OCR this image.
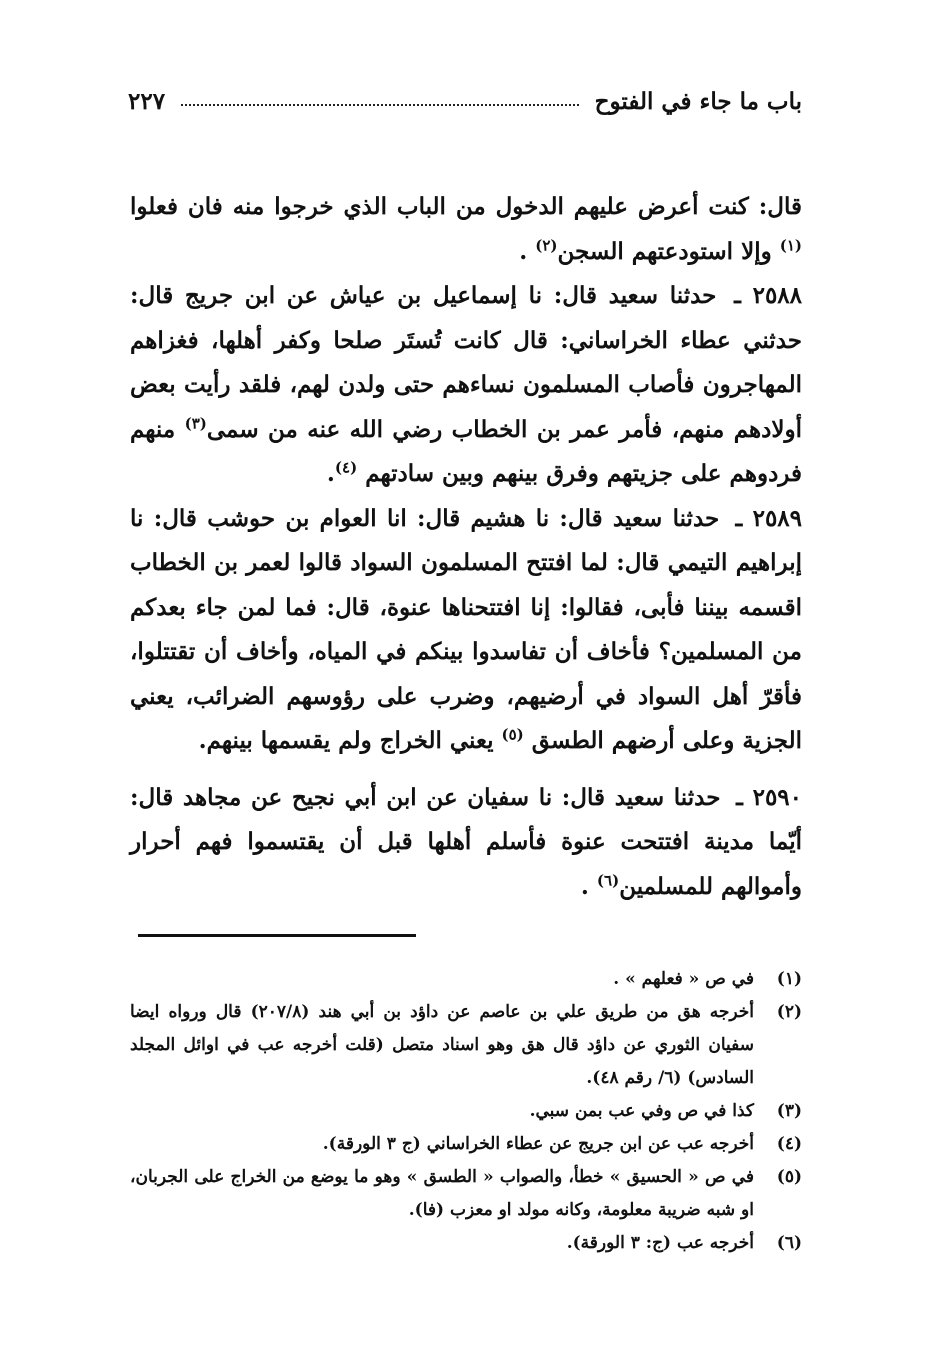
باب ما جاء في الفتوح
٢٢٧

قال: كنت أعرض عليهم الدخول من الباب الذي خرجوا منه فان فعلوا $^{(١)}$ وإلا استودعتهم السجن$^{(٢)}$ .

٢٥٨٨ ـ حدثنا سعيد قال: نا إسماعيل بن عياش عن ابن جريج قال: حدثني عطاء الخراساني: قال كانت تُستَر صلحا وكفر أهلها، فغزاهم المهاجرون فأصاب المسلمون نساءهم حتى ولدن لهم، فلقد رأيت بعض أولادهم منهم، فأمر عمر بن الخطاب رضي الله عنه من سمى$^{(٣)}$ منهم فردوهم على جزيتهم وفرق بينهم وبين سادتهم $^{(٤)}$.

٢٥٨٩ ـ حدثنا سعيد قال: نا هشيم قال: انا العوام بن حوشب قال: نا إبراهيم التيمي قال: لما افتتح المسلمون السواد قالوا لعمر بن الخطاب اقسمه بيننا فأبى، فقالوا: إنا افتتحناها عنوة، قال: فما لمن جاء بعدكم من المسلمين؟ فأخاف أن تفاسدوا بينكم في المياه، وأخاف أن تقتتلوا، فأقرّ أهل السواد في أرضيهم، وضرب على رؤوسهم الضرائب، يعني الجزية وعلى أرضهم الطسق $^{(٥)}$ يعني الخراج ولم يقسمها بينهم.

٢٥٩٠ ـ حدثنا سعيد قال: نا سفيان عن ابن أبي نجيح عن مجاهد قال: أيّما مدينة افتتحت عنوة فأسلم أهلها قبل أن يقتسموا فهم أحرار وأموالهم للمسلمين$^{(٦)}$ .

(١)
في ص « فعلهم » .
(٢)
أخرجه هق من طريق علي بن عاصم عن داؤد بن أبي هند (٢٠٧/٨) قال ورواه ايضا سفيان الثوري عن داؤد قال هق وهو اسناد متصل (قلت أخرجه عب في اوائل المجلد السادس) (٦/ رقم ٤٨).
(٣)
كذا في ص وفي عب بمن سبي.
(٤)
أخرجه عب عن ابن جريج عن عطاء الخراساني (ج ٣ الورقة).
(٥)
في ص « الحسيق » خطأ، والصواب « الطسق » وهو ما يوضع من الخراج على الجربان، او شبه ضريبة معلومة، وكانه مولد او معزب (فا).
(٦)
أخرجه عب (ج: ٣ الورقة).
